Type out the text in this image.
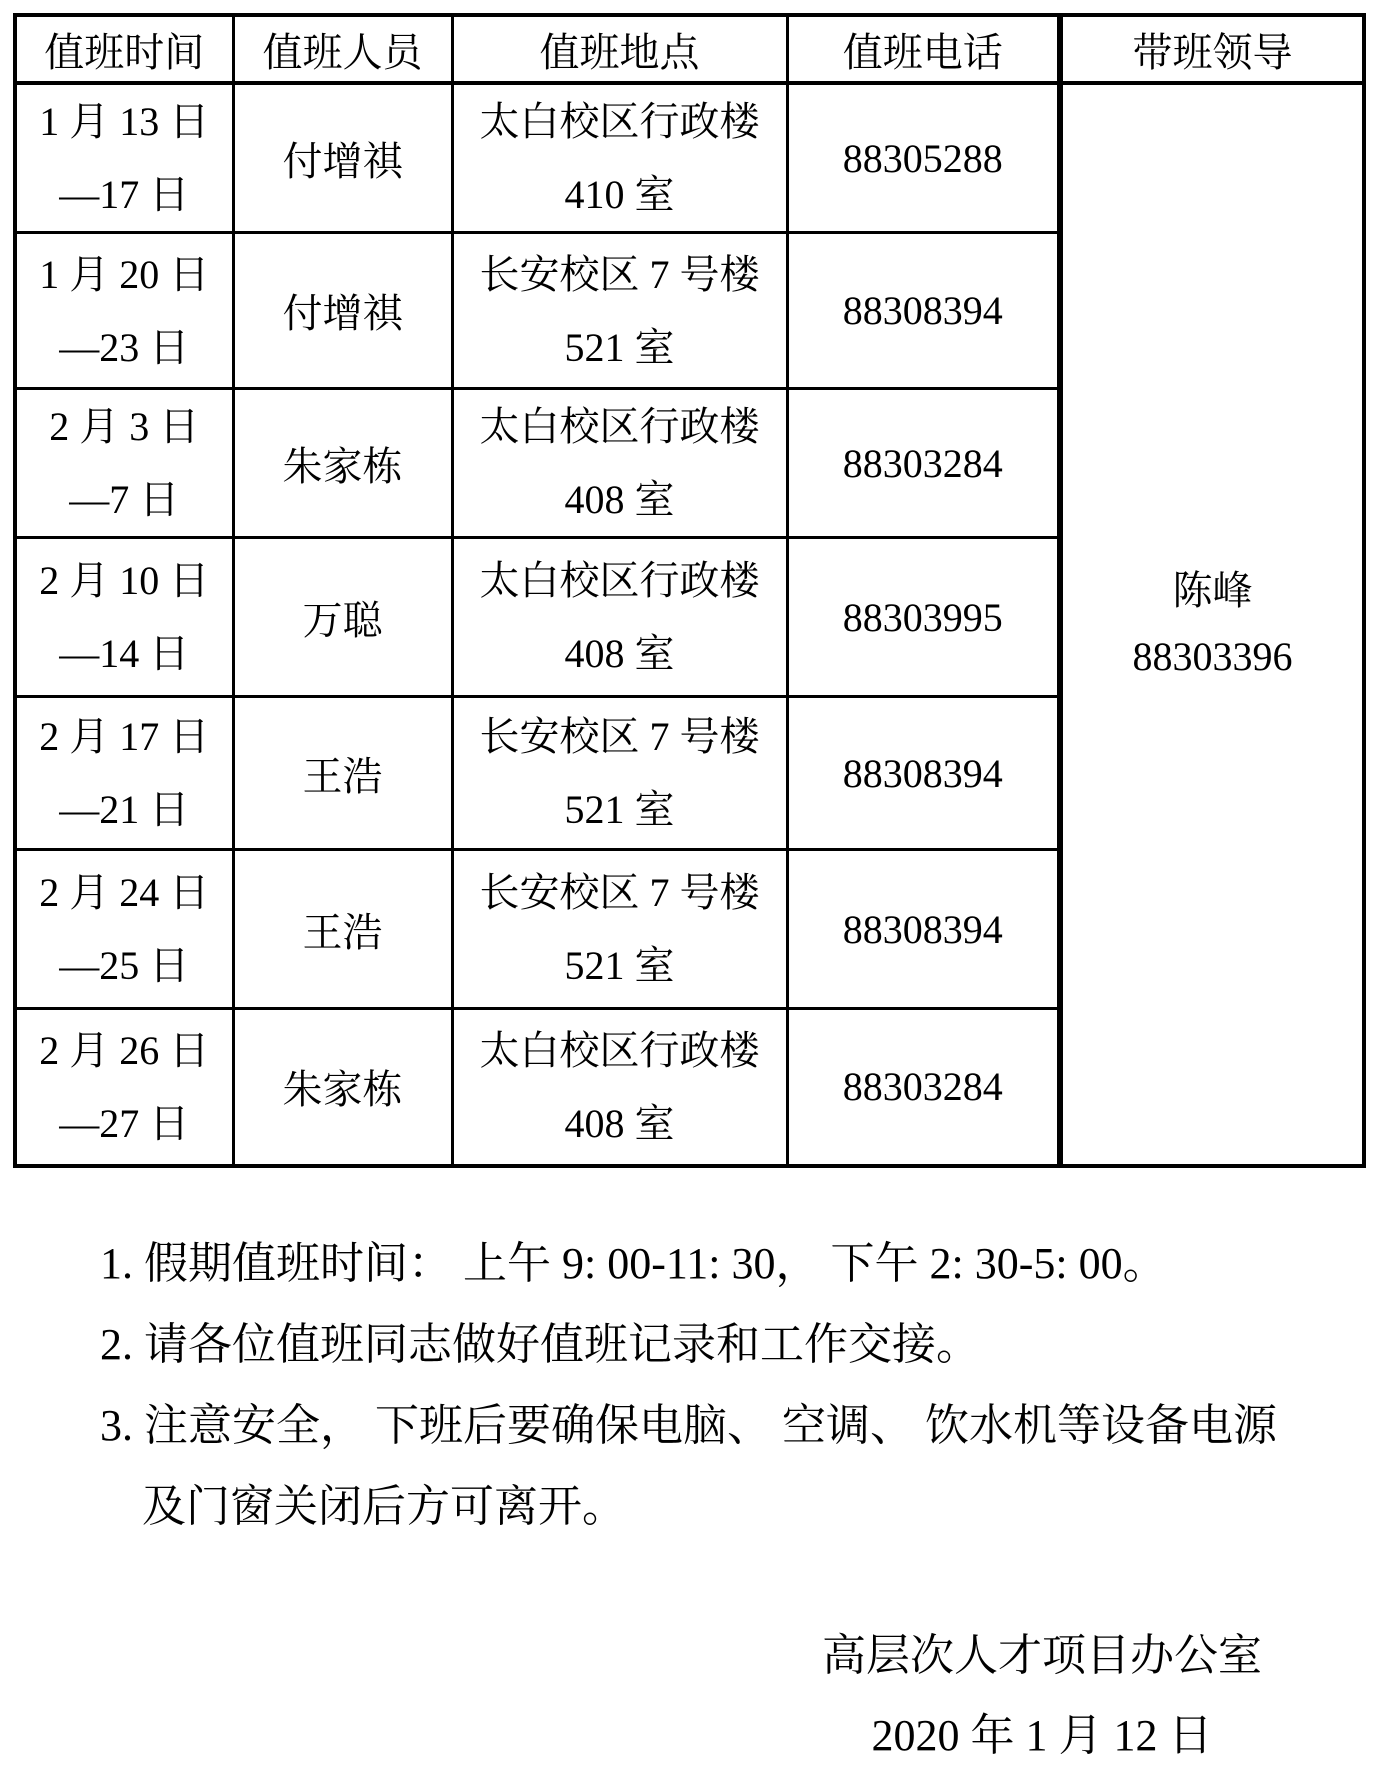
值班时间	值班人员	值班地点	值班电话	带班领导

1 月 13 日
—17 日
	付增祺	
太白校区行政楼
410 室
	88305288	
陈峰
88303396

1 月 20 日
—23 日
	付增祺	
长安校区 7 号楼
521 室
	88308394

2 月 3 日
—7 日
	朱家栋	
太白校区行政楼
408 室
	88303284

2 月 10 日
—14 日
	万聪	
太白校区行政楼
408 室
	88303995

2 月 17 日
—21 日
	王浩	
长安校区 7 号楼
521 室
	88308394

2 月 24 日
—25 日
	王浩	
长安校区 7 号楼
521 室
	88308394

2 月 26 日
—27 日
	朱家栋	
太白校区行政楼
408 室
	88303284
1. 假期值班时间： 上午 9: 00-11: 30， 下午 2: 30-5: 00。
2. 请各位值班同志做好值班记录和工作交接。
3. 注意安全， 下班后要确保电脑、 空调、 饮水机等设备电源
及门窗关闭后方可离开。
高层次人才项目办公室
2020 年 1 月 12 日
